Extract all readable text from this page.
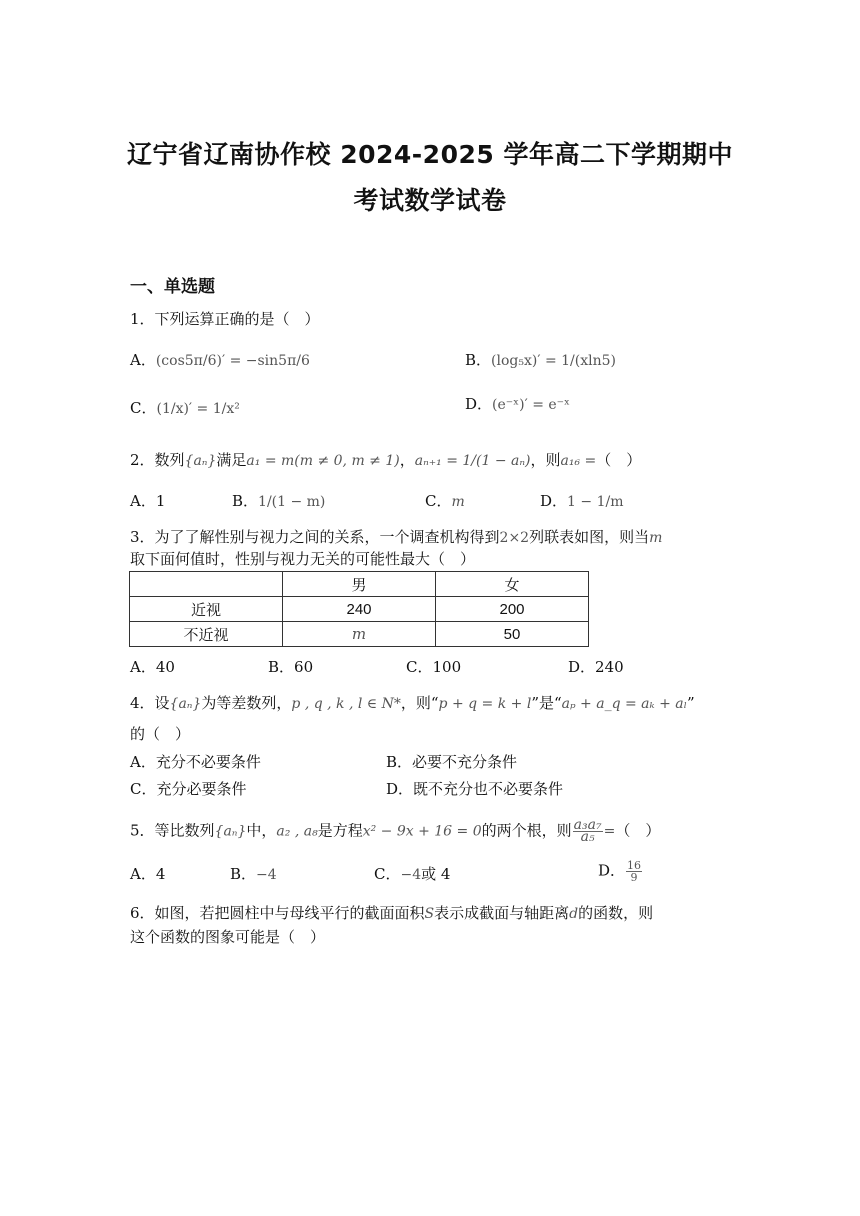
辽宁省辽南协作校 2024-2025 学年高二下学期期中
考试数学试卷
一、单选题
1．下列运算正确的是（　）
A．(cos5π/6)′ = −sin5π/6	B．(log₅x)′ = 1/(xln5)
C．(1/x)′ = 1/x²	D．(e⁻ˣ)′ = e⁻ˣ
2．数列{aₙ}满足a₁ = m(m ≠ 0, m ≠ 1)，aₙ₊₁ = 1/(1 − aₙ)，则a₁₆ =（　）
A．1	B．1/(1 − m)	C．m	D．1 − 1/m
3．为了了解性别与视力之间的关系，一个调查机构得到2×2列联表如图，则当m
取下面何值时，性别与视力无关的可能性最大（　）
	男	女
近视	240	200
不近视	m	50
A．40	B．60	C．100	D．240
4．设{aₙ}为等差数列，p , q , k , l ∈ N*，则“p + q = k + l”是“aₚ + a_q = aₖ + aₗ”
的（　）
A．充分不必要条件	B．必要不充分条件
C．充分必要条件	D．既不充分也不必要条件
5．等比数列{aₙ}中，a₂ , a₈是方程x² − 9x + 16 = 0的两个根，则 $\frac{\text{a₃a₇}}{\text{a₅}}$ =（　）
A．4	B．−4	C．−4或 4	D． $\frac{16}{9}$
6．如图，若把圆柱中与母线平行的截面面积S表示成截面与轴距离d的函数，则
这个函数的图象可能是（　）
